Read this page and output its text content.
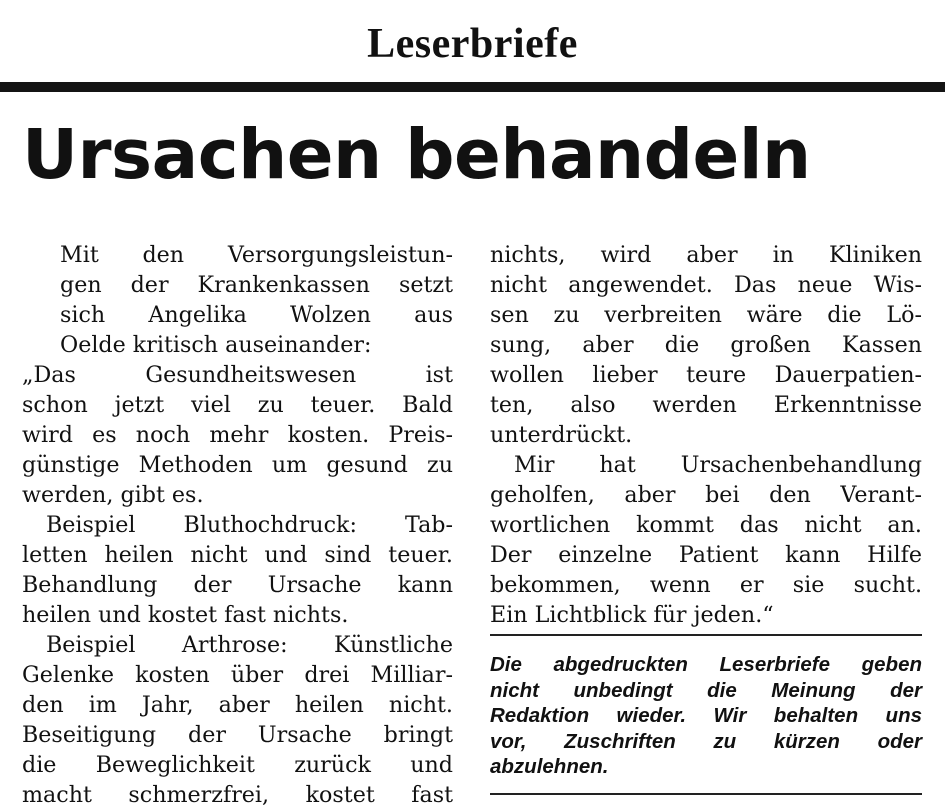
Leserbriefe
Ursachen behandeln
Mit den Versorgungsleistun-
gen der Krankenkassen setzt
sich Angelika Wolzen aus
Oelde kritisch auseinander:
„Das Gesundheitswesen ist
schon jetzt viel zu teuer. Bald
wird es noch mehr kosten. Preis-
günstige Methoden um gesund zu
werden, gibt es.
Beispiel Bluthochdruck: Tab-
letten heilen nicht und sind teuer.
Behandlung der Ursache kann
heilen und kostet fast nichts.
Beispiel Arthrose: Künstliche
Gelenke kosten über drei Milliar-
den im Jahr, aber heilen nicht.
Beseitigung der Ursache bringt
die Beweglichkeit zurück und
macht schmerzfrei, kostet fast
nichts, wird aber in Kliniken
nicht angewendet. Das neue Wis-
sen zu verbreiten wäre die Lö-
sung, aber die großen Kassen
wollen lieber teure Dauerpatien-
ten, also werden Erkenntnisse
unterdrückt.
Mir hat Ursachenbehandlung
geholfen, aber bei den Verant-
wortlichen kommt das nicht an.
Der einzelne Patient kann Hilfe
bekommen, wenn er sie sucht.
Ein Lichtblick für jeden.“
Die abgedruckten Leserbriefe geben
nicht unbedingt die Meinung der
Redaktion wieder. Wir behalten uns
vor, Zuschriften zu kürzen oder
abzulehnen.
